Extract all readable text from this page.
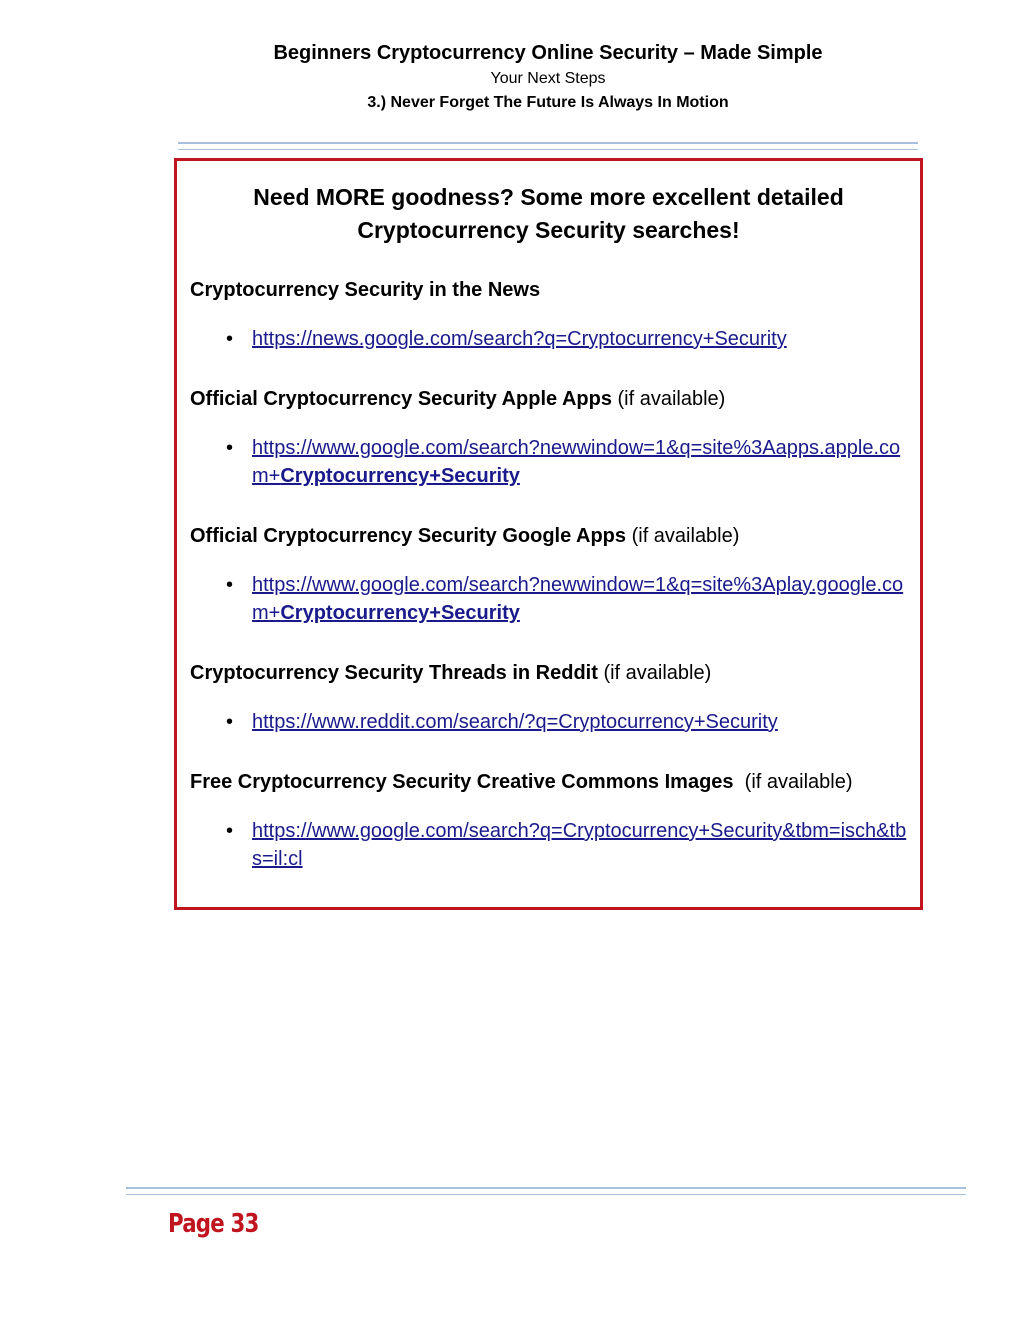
Beginners Cryptocurrency Online Security – Made Simple
Your Next Steps
3.) Never Forget The Future Is Always In Motion
Need MORE goodness? Some more excellent detailed
Cryptocurrency Security searches!
Cryptocurrency Security in the News
• https://news.google.com/search?q=Cryptocurrency+Security
Official Cryptocurrency Security Apple Apps (if available)
• https://www.google.com/search?newwindow=1&q=site%3Aapps.apple.com+Cryptocurrency+Security
Official Cryptocurrency Security Google Apps (if available)
• https://www.google.com/search?newwindow=1&q=site%3Aplay.google.com+Cryptocurrency+Security
Cryptocurrency Security Threads in Reddit (if available)
• https://www.reddit.com/search/?q=Cryptocurrency+Security
Free Cryptocurrency Security Creative Commons Images  (if available)
• https://www.google.com/search?q=Cryptocurrency+Security&tbm=isch&tbs=il:cl
Page 33
